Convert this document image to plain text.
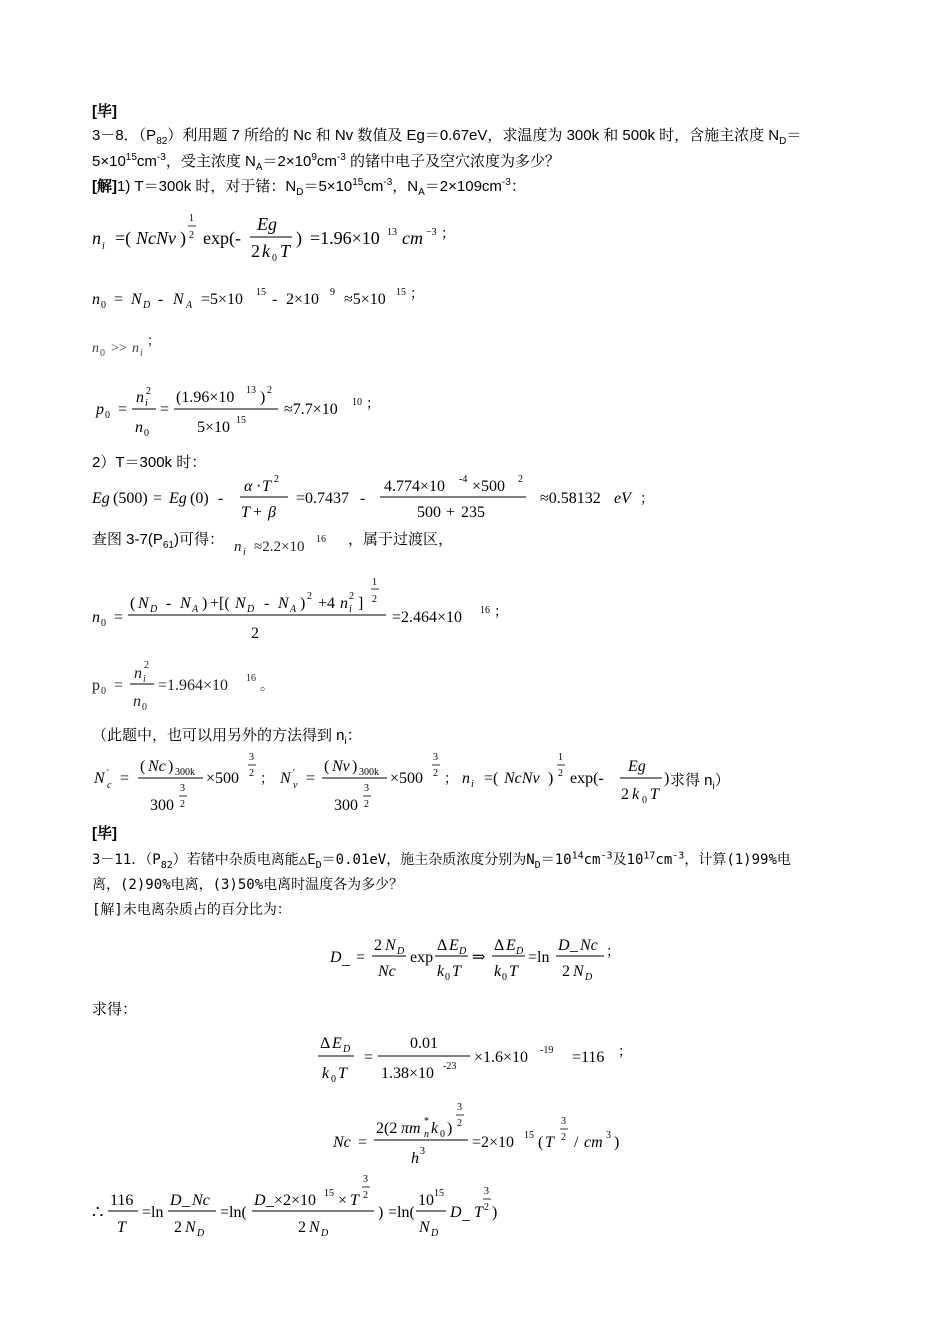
[毕]
3－8．$(P_{82})$利用题 7 所给的 Nc 和 Nv 数值及 Eg＝0.67eV，求温度为 300k 和 500k 时，含施主浓度 $N_D=$
$5\times 10^{15}cm^{-3}$，受主浓度 $N_A=2\times 10^9cm^{-3}$ 的锗中电子及空穴浓度为多少？
[解]1) T＝300k 时，对于锗：$N_D=5\times 10^{15}cm^{-3}$，$N_A=2\times 109cm^{-3}$：
n i =( NcNv )
1
2 exp(-
Eg
2 k 0 T
) =1.96×10 13 cm −3 ；
n 0 = N D - N A =5×10 15 - 2×10 9 ≈5×10 15 ；
n 0 >> n i
；
p 0 =
n i
2
n 0
=
(1.96×10 13 ) 2
5×10 15
≈7.7×10 10 ；
2）T＝300k 时：
Eg (500) = Eg (0) -
α · T 2
T + β
=0.7437 -
4.774×10 -4 ×500 2
500 + 235
≈0.58132 eV ；
查图 $3-7(P_{61})$可得：	，属于过渡区，
n i ≈2.2×10 16
n 0 =
( N D - N A ) +[( N D - N A ) 2 +4 n i
2 ]
1
2
2
=2.464×10 16 ；
p 0 =
n i
2
n 0
=1.964×10 16
。
（此题中，也可以用另外的方法得到 $n_i$：
N '
c =
( Nc ) 300k ×500
3
2
300
3
2
； N '
v =
( Nv ) 300k ×500
3
2
300
3
2
； n i =( NcNv )
1
2 exp(-
Eg
2 k 0 T
) 求得 $n_i$）
[毕]
3－11．$(P_{82})$若锗中杂质电离能$\triangle E_D=0.01eV$，施主杂质浓度分别为$N_D=10^{14}cm^{-3}$及$10^{17}cm^{-3}$，计算(1)99%电
离，(2)90%电离，(3)50%电离时温度各为多少？
[解]未电离杂质占的百分比为：
D _ =
2 N D
Nc
exp
Δ E D
k 0 T
⇒
Δ E D
k 0 T
=ln
D _ Nc
2 N D
；
求得：
Δ E D
k 0 T
=
0.01
1.38×10 -23
×1.6×10 -19 =116 ；
Nc =
2(2 πm *
n k 0 )
3
2
h 3
=2×10 15 ( T
3
2 / cm 3 )
∴
116
T
=ln
D _ Nc
2 N D
=ln(
D _×2×10 15 × T
3
2
2 N D
) =ln(
10 15
N D
D _ T
3
2 )
